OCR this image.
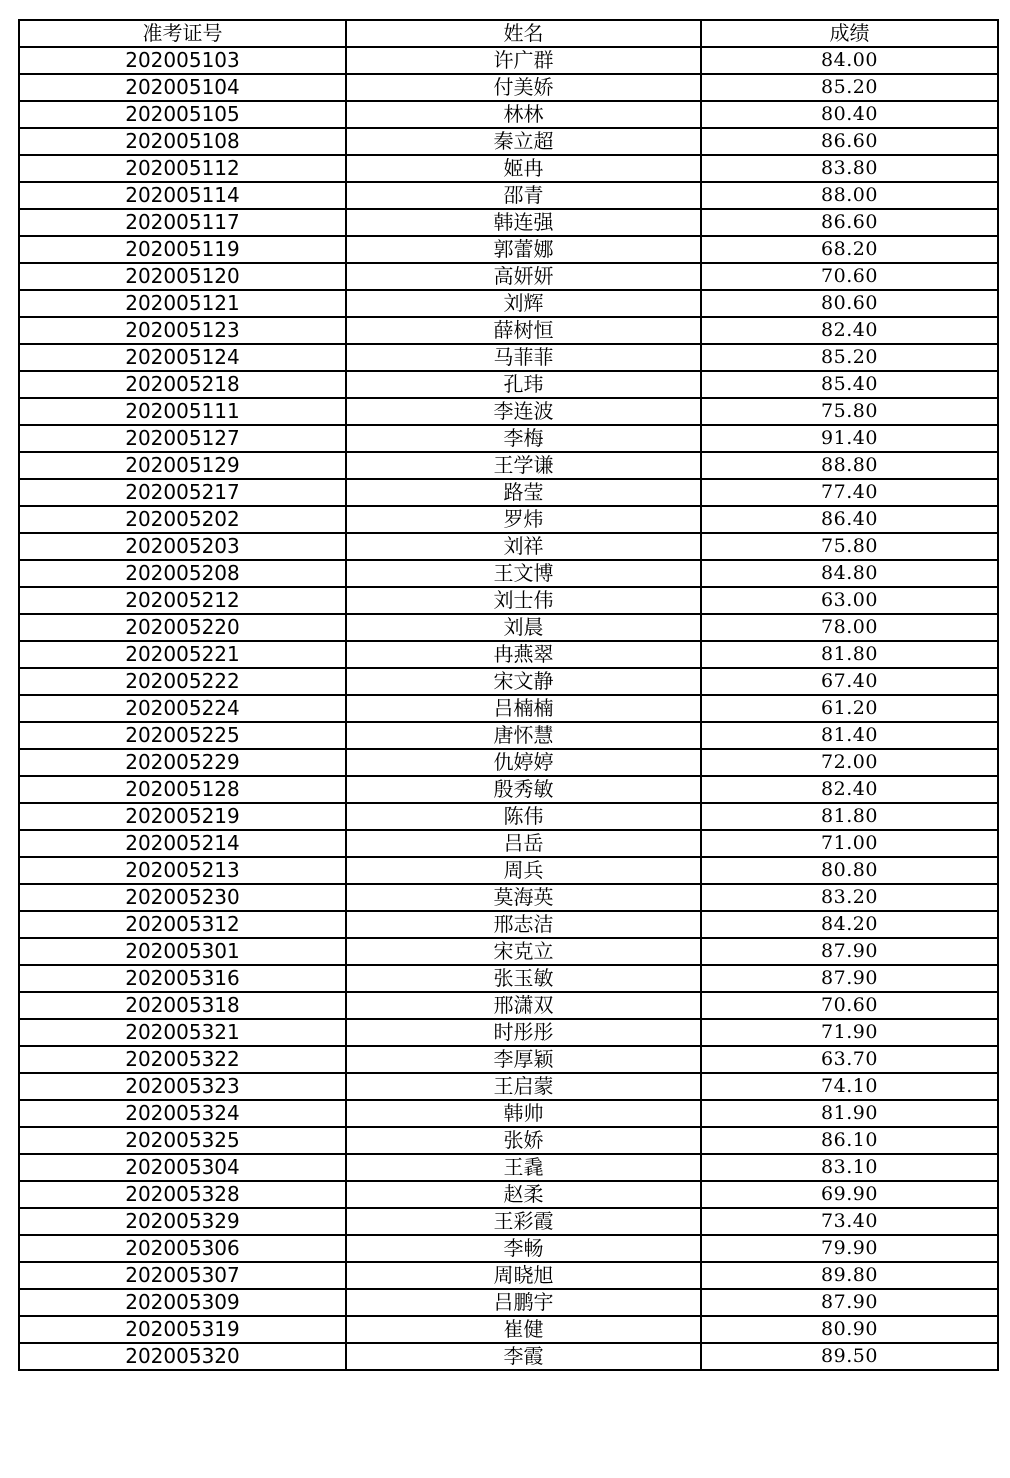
准考证号	姓名	成绩
202005103	许广群	84.00
202005104	付美娇	85.20
202005105	林林	80.40
202005108	秦立超	86.60
202005112	姬冉	83.80
202005114	邵青	88.00
202005117	韩连强	86.60
202005119	郭蕾娜	68.20
202005120	高妍妍	70.60
202005121	刘辉	80.60
202005123	薛树恒	82.40
202005124	马菲菲	85.20
202005218	孔玮	85.40
202005111	李连波	75.80
202005127	李梅	91.40
202005129	王学谦	88.80
202005217	路莹	77.40
202005202	罗炜	86.40
202005203	刘祥	75.80
202005208	王文博	84.80
202005212	刘士伟	63.00
202005220	刘晨	78.00
202005221	冉燕翠	81.80
202005222	宋文静	67.40
202005224	吕楠楠	61.20
202005225	唐怀慧	81.40
202005229	仇婷婷	72.00
202005128	殷秀敏	82.40
202005219	陈伟	81.80
202005214	吕岳	71.00
202005213	周兵	80.80
202005230	莫海英	83.20
202005312	邢志洁	84.20
202005301	宋克立	87.90
202005316	张玉敏	87.90
202005318	邢潇双	70.60
202005321	时彤彤	71.90
202005322	李厚颖	63.70
202005323	王启蒙	74.10
202005324	韩帅	81.90
202005325	张娇	86.10
202005304	王毳	83.10
202005328	赵柔	69.90
202005329	王彩霞	73.40
202005306	李畅	79.90
202005307	周晓旭	89.80
202005309	吕鹏宇	87.90
202005319	崔健	80.90
202005320	李霞	89.50
